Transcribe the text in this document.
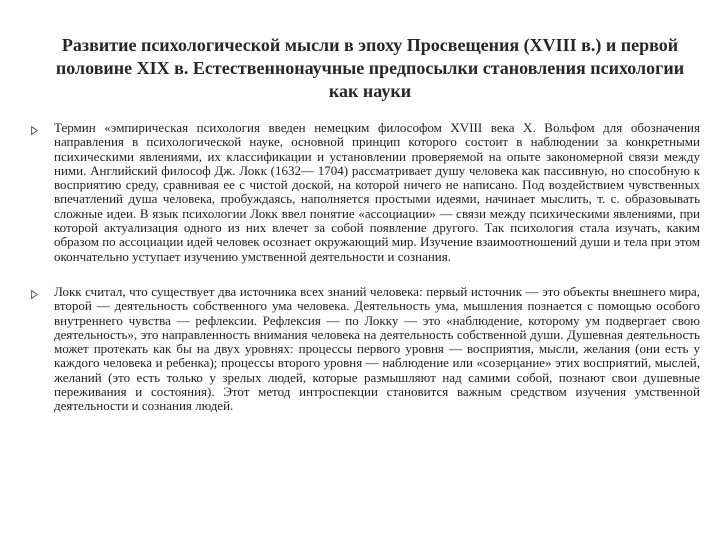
Развитие психологической мысли в эпоху Просвещения (XVIII в.) и первой половине XIX в. Естественнонаучные предпосылки становления психологии как науки
Термин «эмпирическая психология введен немецким философом XVIII века X. Вольфом для обозначения направления в психологической науке, основной принцип которого состоит в наблюдении за конкретными психическими явлениями, их классификации и установлении проверяемой на опыте закономерной связи между ними. Английский философ Дж. Локк (1632— 1704) рассматривает душу человека как пассивную, но способную к восприятию среду, сравнивая ее с чистой доской, на которой ничего не написано. Под воздействием чувственных впечатлений душа человека, пробуждаясь, наполняется простыми идеями, начинает мыслить, т. с. образовывать сложные идеи. В язык психологии Локк ввел понятие «ассоциации» — связи между психическими явлениями, при которой актуализация одного из них влечет за собой появление другого. Так психология стала изучать, каким образом по ассоциации идей человек осознает окружающий мир. Изучение взаимоотношений души и тела при этом окончательно уступает изучению умственной деятельности и сознания.
Локк считал, что существует два источника всех знаний человека: первый источник — это объекты внешнего мира, второй — деятельность собственного ума человека. Деятельность ума, мышления познается с помощью особого внутреннего чувства — рефлексии. Рефлексия — по Локку — это «наблюдение, которому ум подвергает свою деятельность», это направленность внимания человека на деятельность собственной души. Душевная деятельность может протекать как бы на двух уровнях: процессы первого уровня — восприятия, мысли, желания (они есть у каждого человека и ребенка); процессы второго уровня — наблюдение или «созерцание» этих восприятий, мыслей, желаний (это есть только у зрелых людей, которые размышляют над самими собой, познают свои душевные переживания и состояния). Этот метод интроспекции становится важным средством изучения умственной деятельности и сознания людей.
